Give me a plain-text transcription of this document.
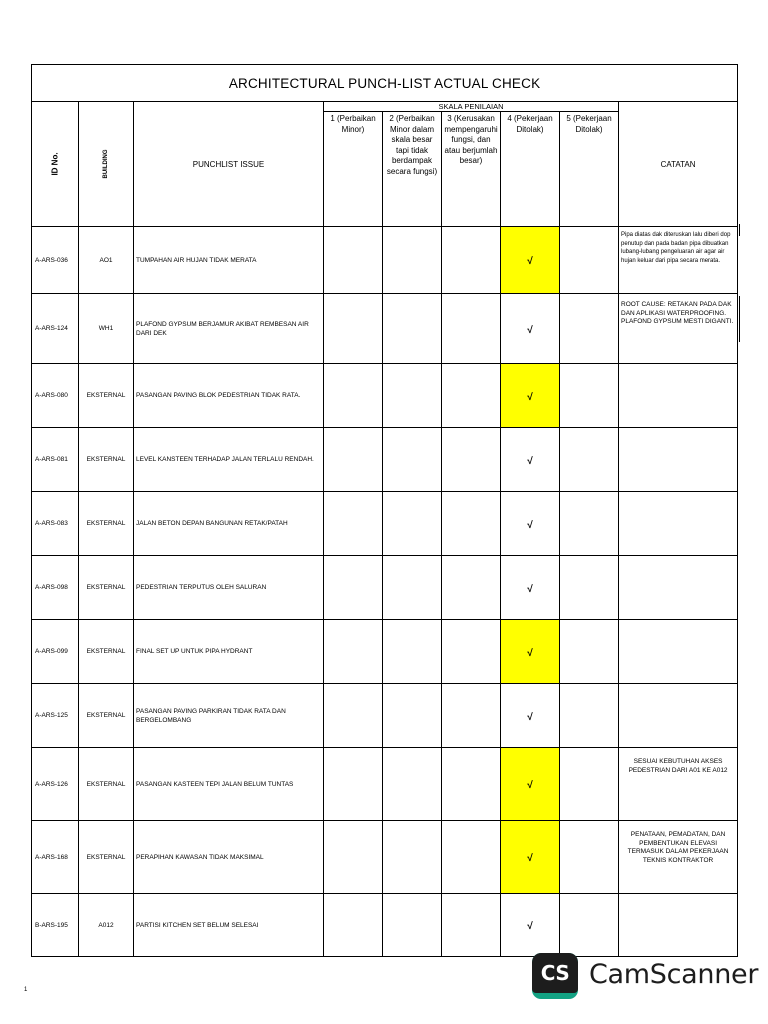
ARCHITECTURAL PUNCH-LIST ACTUAL CHECK								

ID No.	BUILDING	PUNCHLIST ISSUE	SKALA PENILAIAN					CATATAN
			1 (Perbaikan Minor)	2 (Perbaikan Minor dalam skala besar tapi tidak berdampak secara fungsi)	3 (Kerusakan mempengaruhi fungsi, dan atau berjumlah besar)	4 (Pekerjaan Ditolak)	5 (Pekerjaan Ditolak)	
A-ARS-036	AO1	TUMPAHAN AIR HUJAN TIDAK MERATA				√		Pipa diatas dak diteruskan lalu diberi dop penutup dan pada badan pipa dibuatkan lubang-lubang pengeluaran air agar air hujan keluar dari pipa secara merata.
A-ARS-124	WH1	PLAFOND GYPSUM BERJAMUR AKIBAT REMBESAN AIR DARI DEK				√		ROOT CAUSE: RETAKAN PADA DAK DAN APLIKASI WATERPROOFING. PLAFOND GYPSUM MESTI DIGANTI.
A-ARS-080	EKSTERNAL	PASANGAN PAVING BLOK PEDESTRIAN TIDAK RATA.				√		
A-ARS-081	EKSTERNAL	LEVEL KANSTEEN TERHADAP JALAN TERLALU RENDAH.				√		
A-ARS-083	EKSTERNAL	JALAN BETON DEPAN BANGUNAN RETAK/PATAH				√		
A-ARS-098	EKSTERNAL	PEDESTRIAN TERPUTUS OLEH SALURAN				√		
A-ARS-099	EKSTERNAL	FINAL SET UP UNTUK PIPA HYDRANT				√		
A-ARS-125	EKSTERNAL	PASANGAN PAVING PARKIRAN TIDAK RATA DAN BERGELOMBANG				√		
A-ARS-126	EKSTERNAL	PASANGAN KASTEEN TEPI JALAN BELUM TUNTAS				√		SESUAI KEBUTUHAN AKSES PEDESTRIAN DARI A01 KE A012
A-ARS-168	EKSTERNAL	PERAPIHAN KAWASAN TIDAK MAKSIMAL				√		PENATAAN, PEMADATAN, DAN PEMBENTUKAN ELEVASI TERMASUK DALAM PEKERJAAN TEKNIS KONTRAKTOR
B-ARS-195	A012	PARTISI KITCHEN SET BELUM SELESAI				√		
1
CS CamScanner
